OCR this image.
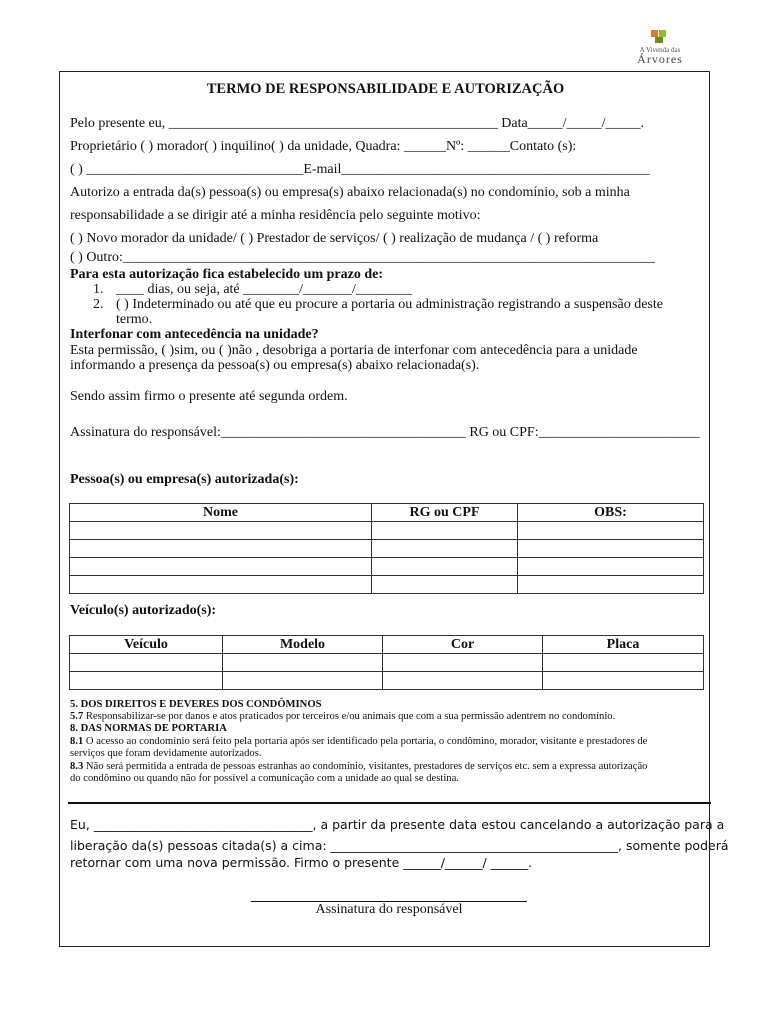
A Vivenda das
Árvores
TERMO DE RESPONSABILIDADE E AUTORIZAÇÃO
Pelo presente eu, _______________________________________________ Data_____/_____/_____.
Proprietário ( ) morador( ) inquilino( ) da unidade, Quadra: ______Nº: ______Contato (s):
( ) _______________________________E-mail____________________________________________
Autorizo a entrada da(s) pessoa(s) ou empresa(s) abaixo relacionada(s) no condomínio, sob a minha
responsabilidade a se dirigir até a minha residência pelo seguinte motivo:
( ) Novo morador da unidade/ ( ) Prestador de serviços/ ( ) realização de mudança / ( ) reforma
( ) Outro:____________________________________________________________________________
Para esta autorização fica estabelecido um prazo de:
1. ____ dias, ou seja, até ________/_______/________
2. ( ) Indeterminado ou até que eu procure a portaria ou administração registrando a suspensão deste
termo.
Interfonar com antecedência na unidade?
Esta permissão, ( )sim, ou ( )não , desobriga a portaria de interfonar com antecedência para a unidade
informando a presença da pessoa(s) ou empresa(s) abaixo relacionada(s).
Sendo assim firmo o presente até segunda ordem.
Assinatura do responsável:___________________________________ RG ou CPF:_______________________
Pessoa(s) ou empresa(s) autorizada(s):
Nome	RG ou CPF	OBS:

Veículo(s) autorizado(s):
Veículo	Modelo	Cor	Placa

5. DOS DIREITOS E DEVERES DOS CONDÔMINOS
5.7 Responsabilizar-se por danos e atos praticados por terceiros e/ou animais que com a sua permissão adentrem no condomínio.
8. DAS NORMAS DE PORTARIA
8.1 O acesso ao condomínio será feito pela portaria após ser identificado pela portaria, o condômino, morador, visitante e prestadores de
serviços que foram devidamente autorizados.
8.3 Não será permitida a entrada de pessoas estranhas ao condomínio, visitantes, prestadores de serviços etc. sem a expressa autorização
do condômino ou quando não for possível a comunicação com a unidade ao qual se destina.
Eu, ___________________________________, a partir da presente data estou cancelando a autorização para a
liberação da(s) pessoas citada(s) a cima: ______________________________________________, somente poderá
retornar com uma nova permissão. Firmo o presente ______/______/ ______.
Assinatura do responsável
